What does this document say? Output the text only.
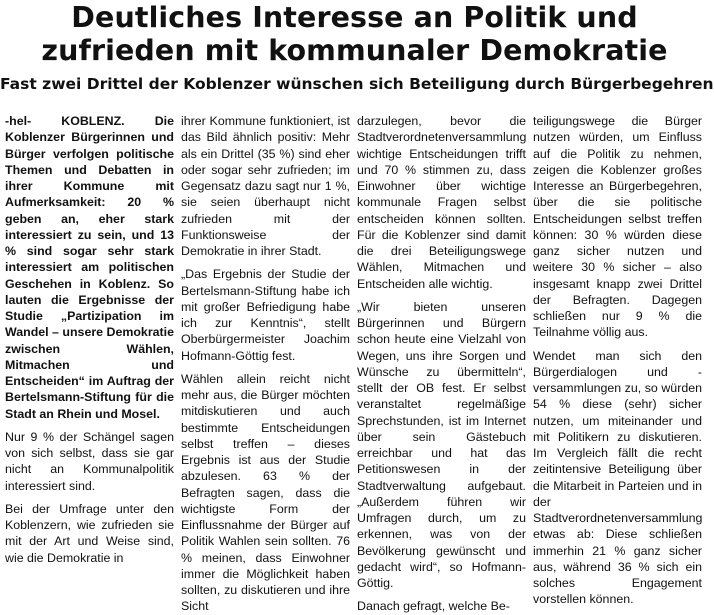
Deutliches Interesse an Politik und
zufrieden mit kommunaler Demokratie
Fast zwei Drittel der Koblenzer wünschen sich Beteiligung durch Bürgerbegehren

-hel- KOBLENZ. Die Koblenzer Bürgerinnen und Bürger verfolgen politische Themen und Debatten in ihrer Kommune mit Aufmerksamkeit: 20 % geben an, eher stark interessiert zu sein, und 13 % sind sogar sehr stark interessiert am politischen Geschehen in Koblenz. So lauten die Ergebnisse der Studie „Partizipation im Wandel – unsere Demokratie zwischen Wählen, Mitmachen und Entscheiden“ im Auftrag der Bertelsmann-Stiftung für die Stadt an Rhein und Mosel.

Nur 9 % der Schängel sagen von sich selbst, dass sie gar nicht an Kommunalpolitik interessiert sind.

Bei der Umfrage unter den Koblenzern, wie zufrieden sie mit der Art und Weise sind, wie die Demokratie in

ihrer Kommune funktioniert, ist das Bild ähnlich positiv: Mehr als ein Drittel (35 %) sind eher oder sogar sehr zufrieden; im Gegensatz dazu sagt nur 1 %, sie seien überhaupt nicht zufrieden mit der Funktionsweise der Demokratie in ihrer Stadt.

„Das Ergebnis der Studie der Bertelsmann-Stiftung habe ich mit großer Befriedigung habe ich zur Kenntnis“, stellt Oberbürgermeister Joachim Hofmann-Göttig fest.

Wählen allein reicht nicht mehr aus, die Bürger möchten mitdiskutieren und auch bestimmte Entscheidungen selbst treffen – dieses Ergebnis ist aus der Studie abzulesen. 63 % der Befragten sagen, dass die wichtigste Form der Einflussnahme der Bürger auf Politik Wahlen sein sollten. 76 % meinen, dass Einwohner immer die Möglichkeit haben sollten, zu diskutieren und ihre Sicht

darzulegen, bevor die Stadtverordnetenversammlung wichtige Entscheidungen trifft und 70 % stimmen zu, dass Einwohner über wichtige kommunale Fragen selbst entscheiden können sollten. Für die Koblenzer sind damit die drei Beteiligungswege Wählen, Mitmachen und Entscheiden alle wichtig.

„Wir bieten unseren Bürgerinnen und Bürgern schon heute eine Vielzahl von Wegen, uns ihre Sorgen und Wünsche zu übermitteln“, stellt der OB fest. Er selbst veranstaltet regelmäßige Sprechstunden, ist im Internet über sein Gästebuch erreichbar und hat das Petitionswesen in der Stadtverwaltung aufgebaut. „Außerdem führen wir Umfragen durch, um zu erkennen, was von der Bevölkerung gewünscht und gedacht wird“, so Hofmann-Göttig.

Danach gefragt, welche Be-

teiligungswege die Bürger nutzen würden, um Einfluss auf die Politik zu nehmen, zeigen die Koblenzer großes Interesse an Bürgerbegehren, über die sie politische Entscheidungen selbst treffen können: 30 % würden diese ganz sicher nutzen und weitere 30 % sicher – also insgesamt knapp zwei Drittel der Befragten. Dagegen schließen nur 9 % die Teilnahme völlig aus.

Wendet man sich den Bürgerdialogen und -versammlungen zu, so würden 54 % diese (sehr) sicher nutzen, um miteinander und mit Politikern zu diskutieren. Im Vergleich fällt die recht zeitintensive Beteiligung über die Mitarbeit in Parteien und in der Stadtverordnetenversammlung etwas ab: Diese schließen immerhin 21 % ganz sicher aus, während 36 % sich ein solches Engagement vorstellen können.
